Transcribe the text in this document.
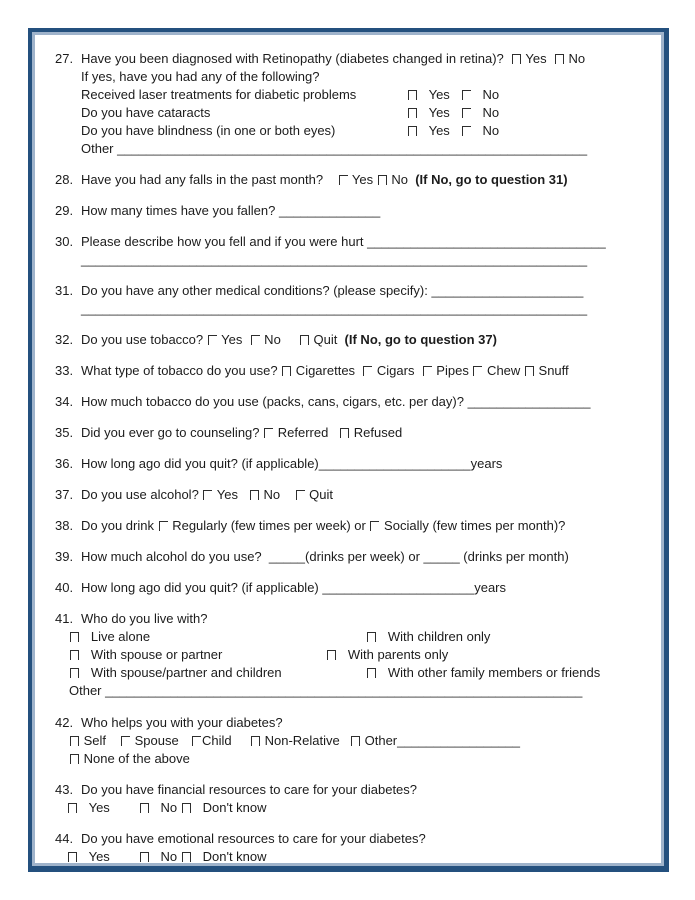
27. Have you been diagnosed with Retinopathy (diabetes changed in retina)?   Yes   No
If yes, have you had any of the following?
Received laser treatments for diabetic problems	Yes      No
Do you have cataracts	Yes      No
Do you have blindness (in one or both eyes)	Yes      No
Other _________________________________________________________________
28. Have you had any falls in the past month?     Yes  No  (If No, go to question 31)
29. How many times have you fallen? ______________
30. Please describe how you fell and if you were hurt _________________________________
______________________________________________________________________
31. Do you have any other medical conditions? (please specify): _____________________
______________________________________________________________________
32. Do you use tobacco?  Yes   No      Quit  (If No, go to question 37)
33. What type of tobacco do you use?  Cigarettes   Cigars   Pipes  Chew  Snuff
34. How much tobacco do you use (packs, cans, cigars, etc. per day)? _________________
35. Did you ever go to counseling?  Referred    Refused
36. How long ago did you quit? (if applicable)_____________________years
37. Do you use alcohol?  Yes    No     Quit
38. Do you drink  Regularly (few times per week) or  Socially (few times per month)?
39. How much alcohol do you use?  _____(drinks per week) or _____ (drinks per month)
40. How long ago did you quit? (if applicable) _____________________years
41. Who do you live with?
Live alone	With children only
With spouse or partner	With parents only
With spouse/partner and children	With other family members or friends
Other __________________________________________________________________
42. Who helps you with your diabetes?
Self Spouse Child Non-Relative Other_________________
None of the above
43. Do you have financial resources to care for your diabetes?
Yes           No    Don't know
44. Do you have emotional resources to care for your diabetes?
Yes           No    Don't know
